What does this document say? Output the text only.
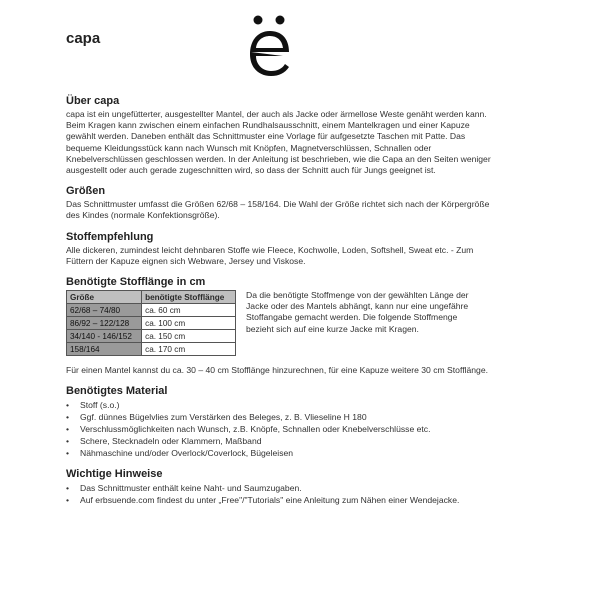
capa
Über capa

capa ist ein ungefütterter, ausgestellter Mantel, der auch als Jacke oder ärmellose Weste genäht werden kann. Beim Kragen kann zwischen einem einfachen Rundhalsausschnitt, einem Mantelkragen und einer Kapuze gewählt werden. Daneben enthält das Schnittmuster eine Vorlage für aufgesetzte Taschen mit Patte. Das bequeme Kleidungsstück kann nach Wunsch mit Knöpfen, Magnetverschlüssen, Schnallen oder Knebelverschlüssen geschlossen werden. In der Anleitung ist beschrieben, wie die Capa an den Seiten weniger ausgestellt oder auch gerade zugeschnitten wird, so dass der Schnitt auch für Jungs geeignet ist.

Größen

Das Schnittmuster umfasst die Größen 62/68 – 158/164. Die Wahl der Größe richtet sich nach der Körpergröße des Kindes (normale Konfektionsgröße).

Stoffempfehlung

Alle dickeren, zumindest leicht dehnbaren Stoffe wie Fleece, Kochwolle, Loden, Softshell, Sweat etc. - Zum Füttern der Kapuze eignen sich Webware, Jersey und Viskose.

Benötigte Stofflänge in cm
Größe	benötigte Stofflänge
62/68 – 74/80	ca. 60 cm
86/92 – 122/128	ca. 100 cm
34/140 - 146/152	ca. 150 cm
158/164	ca. 170 cm

Da die benötigte Stoffmenge von der gewählten Länge der Jacke oder des Mantels abhängt, kann nur eine ungefähre Stoffangabe gemacht werden. Die folgende Stoffmenge bezieht sich auf eine kurze Jacke mit Kragen.

Für einen Mantel kannst du ca. 30 – 40 cm Stofflänge hinzurechnen, für eine Kapuze weitere 30 cm Stofflänge.

Benötigtes Material
• Stoff (s.o.)
• Ggf. dünnes Bügelvlies zum Verstärken des Beleges, z. B. Vlieseline H 180
• Verschlussmöglichkeiten nach Wunsch, z.B. Knöpfe, Schnallen oder Knebelverschlüsse etc.
• Schere, Stecknadeln oder Klammern, Maßband
• Nähmaschine und/oder Overlock/Coverlock, Bügeleisen
Wichtige Hinweise
• Das Schnittmuster enthält keine Naht- und Saumzugaben.
• Auf erbsuende.com findest du unter „Free"/"Tutorials" eine Anleitung zum Nähen einer Wendejacke.
